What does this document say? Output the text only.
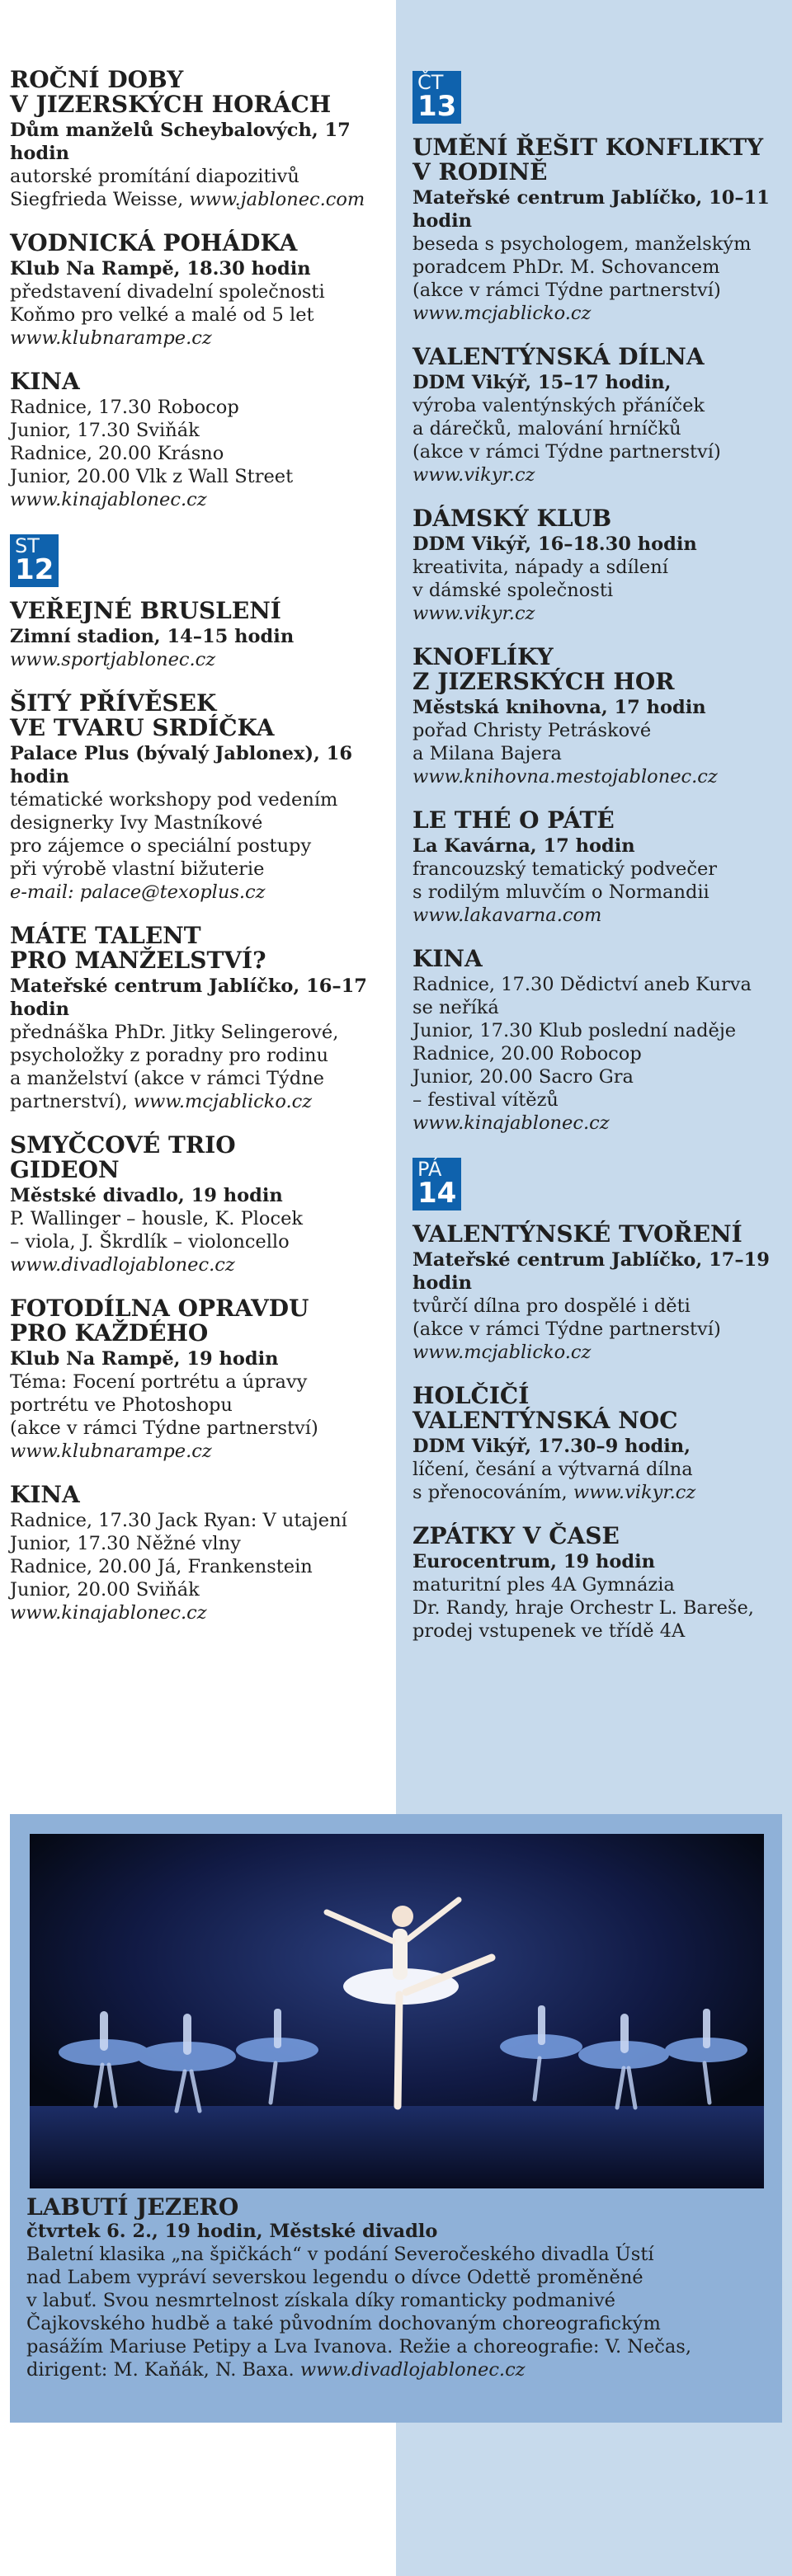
ROČNÍ DOBY
V JIZERSKÝCH HORÁCH
Dům manželů Scheybalových, 17 hodin
autorské promítání diapozitivů
Siegfrieda Weisse, www.jablonec.com
VODNICKÁ POHÁDKA
Klub Na Rampě, 18.30 hodin
představení divadelní společnosti
Koňmo pro velké a malé od 5 let
www.klubnarampe.cz
KINA
Radnice, 17.30 Robocop
Junior, 17.30 Sviňák
Radnice, 20.00 Krásno
Junior, 20.00 Vlk z Wall Street
www.kinajablonec.cz
ST
12
VEŘEJNÉ BRUSLENÍ
Zimní stadion, 14–15 hodin
www.sportjablonec.cz
ŠITÝ PŘÍVĚSEK
VE TVARU SRDÍČKA
Palace Plus (bývalý Jablonex), 16 hodin
tématické workshopy pod vedením
designerky Ivy Mastníkové
pro zájemce o speciální postupy
při výrobě vlastní bižuterie
e-mail: palace@texoplus.cz
MÁTE TALENT
PRO MANŽELSTVÍ?
Mateřské centrum Jablíčko, 16–17 hodin
přednáška PhDr. Jitky Selingerové,
psycholožky z poradny pro rodinu
a manželství (akce v rámci Týdne
partnerství), www.mcjablicko.cz
SMYČCOVÉ TRIO
GIDEON
Městské divadlo, 19 hodin
P. Wallinger – housle, K. Plocek
– viola, J. Škrdlík – violoncello
www.divadlojablonec.cz
FOTODÍLNA OPRAVDU
PRO KAŽDÉHO
Klub Na Rampě, 19 hodin
Téma: Focení portrétu a úpravy
portrétu ve Photoshopu
(akce v rámci Týdne partnerství)
www.klubnarampe.cz
KINA
Radnice, 17.30 Jack Ryan: V utajení
Junior, 17.30 Něžné vlny
Radnice, 20.00 Já, Frankenstein
Junior, 20.00 Sviňák
www.kinajablonec.cz
ČT
13
UMĚNÍ ŘEŠIT KONFLIKTY
V RODINĚ
Mateřské centrum Jablíčko, 10–11 hodin
beseda s psychologem, manželským
poradcem PhDr. M. Schovancem
(akce v rámci Týdne partnerství)
www.mcjablicko.cz
VALENTÝNSKÁ DÍLNA
DDM Vikýř, 15–17 hodin,
výroba valentýnských přáníček
a dárečků, malování hrníčků
(akce v rámci Týdne partnerství)
www.vikyr.cz
DÁMSKÝ KLUB
DDM Vikýř, 16–18.30 hodin
kreativita, nápady a sdílení
v dámské společnosti
www.vikyr.cz
KNOFLÍKY
Z JIZERSKÝCH HOR
Městská knihovna, 17 hodin
pořad Christy Petráskové
a Milana Bajera
www.knihovna.mestojablonec.cz
LE THÉ O PÁTÉ
La Kavárna, 17 hodin
francouzský tematický podvečer
s rodilým mluvčím o Normandii
www.lakavarna.com
KINA
Radnice, 17.30 Dědictví aneb Kurva
se neříká
Junior, 17.30 Klub poslední naděje
Radnice, 20.00 Robocop
Junior, 20.00 Sacro Gra
– festival vítězů
www.kinajablonec.cz
PÁ
14
VALENTÝNSKÉ TVOŘENÍ
Mateřské centrum Jablíčko, 17–19 hodin
tvůrčí dílna pro dospělé i děti
(akce v rámci Týdne partnerství)
www.mcjablicko.cz
HOLČIČÍ
VALENTÝNSKÁ NOC
DDM Vikýř, 17.30–9 hodin,
líčení, česání a výtvarná dílna
s přenocováním, www.vikyr.cz
ZPÁTKY V ČASE
Eurocentrum, 19 hodin
maturitní ples 4A Gymnázia
Dr. Randy, hraje Orchestr L. Bareše,
prodej vstupenek ve třídě 4A
LABUTÍ JEZERO
čtvrtek 6. 2., 19 hodin, Městské divadlo
Baletní klasika „na špičkách“ v podání Severočeského divadla Ústí
nad Labem vypráví severskou legendu o dívce Odettě proměněné
v labuť. Svou nesmrtelnost získala díky romanticky podmanivé
Čajkovského hudbě a také původním dochovaným choreografickým
pasážím Mariuse Petipy a Lva Ivanova. Režie a choreografie: V. Nečas,
dirigent: M. Kaňák, N. Baxa. www.divadlojablonec.cz
